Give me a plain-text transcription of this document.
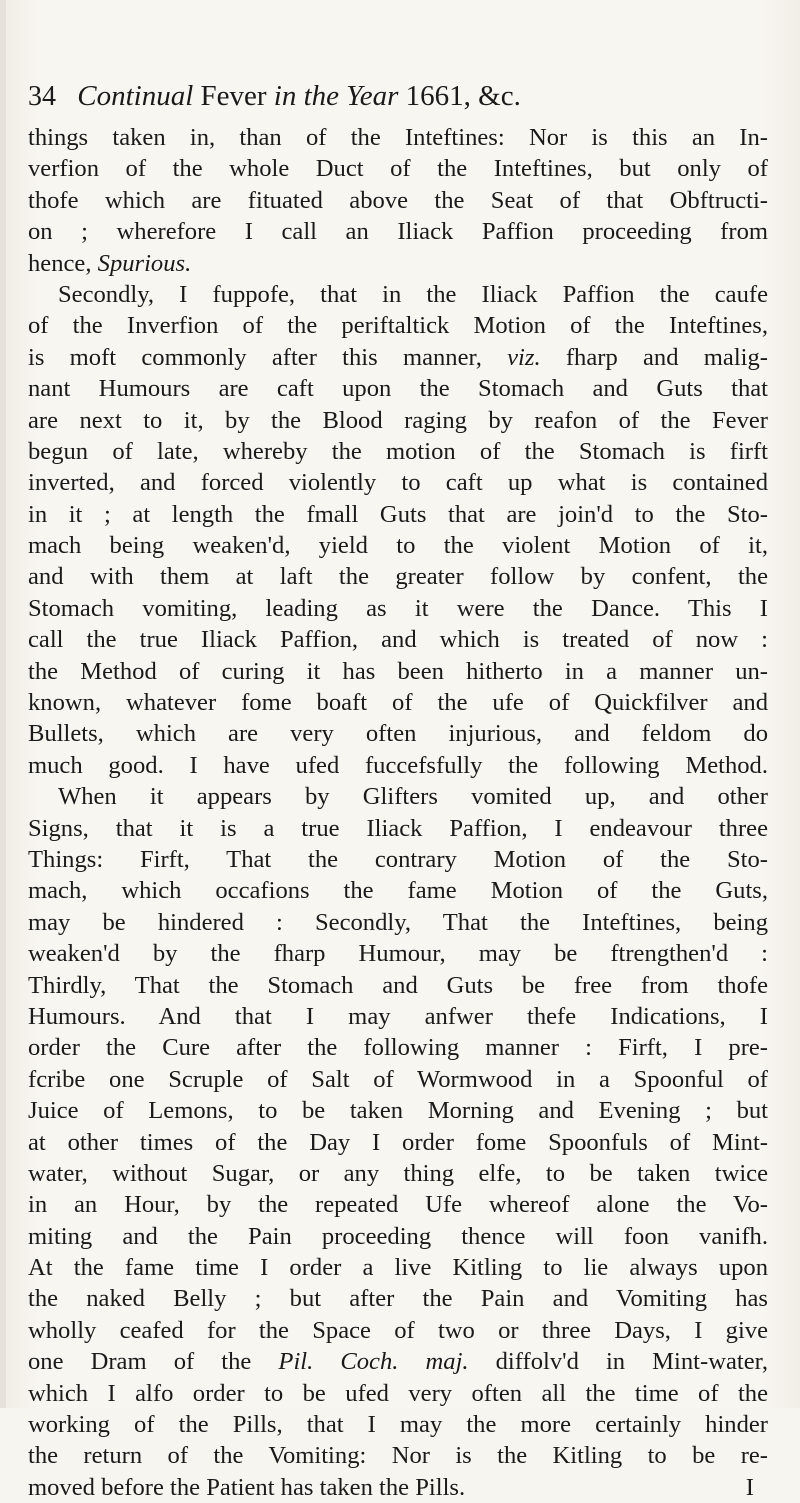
34 Continual Fever in the Year 1661, &c.
things taken in, than of the Inteftines: Nor is this an In-
verfion of the whole Duct of the Inteftines, but only of
thofe which are fituated above the Seat of that Obftructi-
on ; wherefore I call an Iliack Paffion proceeding from
hence, Spurious.
Secondly, I fuppofe, that in the Iliack Paffion the caufe
of the Inverfion of the periftaltick Motion of the Inteftines,
is moft commonly after this manner, viz. fharp and malig-
nant Humours are caft upon the Stomach and Guts that
are next to it, by the Blood raging by reafon of the Fever
begun of late, whereby the motion of the Stomach is firft
inverted, and forced violently to caft up what is contained
in it ; at length the fmall Guts that are join'd to the Sto-
mach being weaken'd, yield to the violent Motion of it,
and with them at laft the greater follow by confent, the
Stomach vomiting, leading as it were the Dance. This I
call the true Iliack Paffion, and which is treated of now :
the Method of curing it has been hitherto in a manner un-
known, whatever fome boaft of the ufe of Quickfilver and
Bullets, which are very often injurious, and feldom do
much good. I have ufed fuccefsfully the following Method.
When it appears by Glifters vomited up, and other
Signs, that it is a true Iliack Paffion, I endeavour three
Things: Firft, That the contrary Motion of the Sto-
mach, which occafions the fame Motion of the Guts,
may be hindered : Secondly, That the Inteftines, being
weaken'd by the fharp Humour, may be ftrengthen'd :
Thirdly, That the Stomach and Guts be free from thofe
Humours. And that I may anfwer thefe Indications, I
order the Cure after the following manner : Firft, I pre-
fcribe one Scruple of Salt of Wormwood in a Spoonful of
Juice of Lemons, to be taken Morning and Evening ; but
at other times of the Day I order fome Spoonfuls of Mint-
water, without Sugar, or any thing elfe, to be taken twice
in an Hour, by the repeated Ufe whereof alone the Vo-
miting and the Pain proceeding thence will foon vanifh.
At the fame time I order a live Kitling to lie always upon
the naked Belly ; but after the Pain and Vomiting has
wholly ceafed for the Space of two or three Days, I give
one Dram of the Pil. Coch. maj. diffolv'd in Mint-water,
which I alfo order to be ufed very often all the time of the
working of the Pills, that I may the more certainly hinder
the return of the Vomiting: Nor is the Kitling to be re-
moved before the Patient has taken the Pills.	I
